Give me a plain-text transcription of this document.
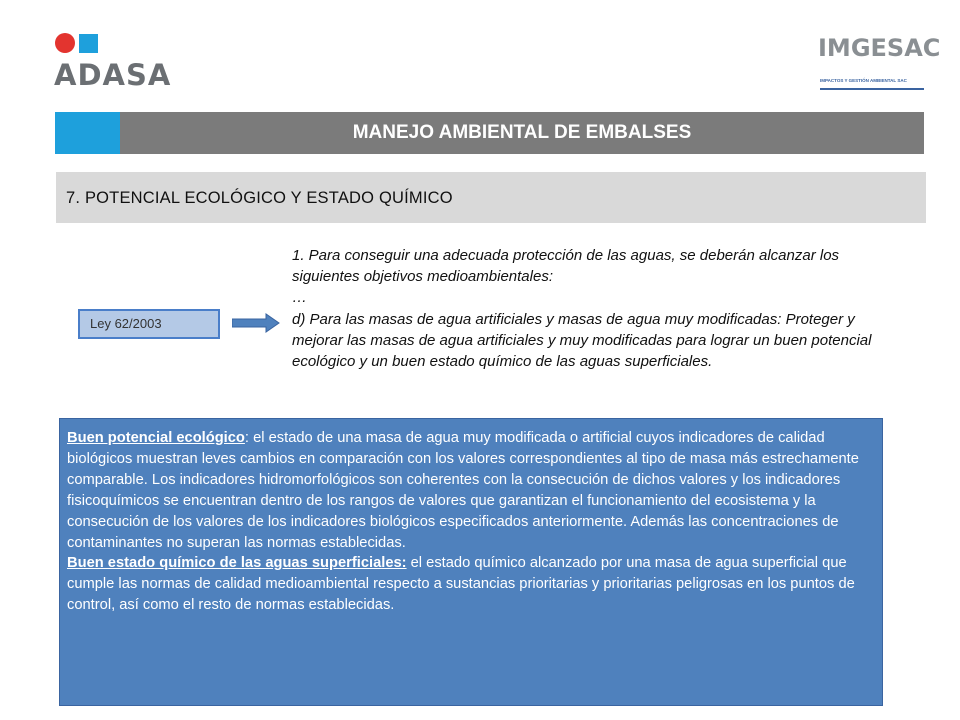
ADASA
IMGESAC
IMPACTOS Y GESTIÓN AMBIENTAL SAC
MANEJO AMBIENTAL DE EMBALSES
7. POTENCIAL ECOLÓGICO Y ESTADO QUÍMICO
Ley 62/2003

1. Para conseguir una adecuada protección de las aguas, se deberán alcanzar los siguientes objetivos medioambientales:

…

d) Para las masas de agua artificiales y masas de agua muy modificadas: Proteger y mejorar las masas de agua artificiales y muy modificadas para lograr un buen potencial ecológico y un buen estado químico de las aguas superficiales.

Buen potencial ecológico: el estado de una masa de agua muy modificada o artificial cuyos indicadores de calidad biológicos muestran leves cambios en comparación con los valores correspondientes al tipo de masa más estrechamente comparable. Los indicadores hidromorfológicos son coherentes con la consecución de dichos valores y los indicadores fisicoquímicos se encuentran dentro de los rangos de valores que garantizan el funcionamiento del ecosistema y la consecución de los valores de los indicadores biológicos especificados anteriormente. Además las concentraciones de contaminantes no superan las normas establecidas.

Buen estado químico de las aguas superficiales: el estado químico alcanzado por una masa de agua superficial que cumple las normas de calidad medioambiental respecto a sustancias prioritarias y prioritarias peligrosas en los puntos de control, así como el resto de normas establecidas.
